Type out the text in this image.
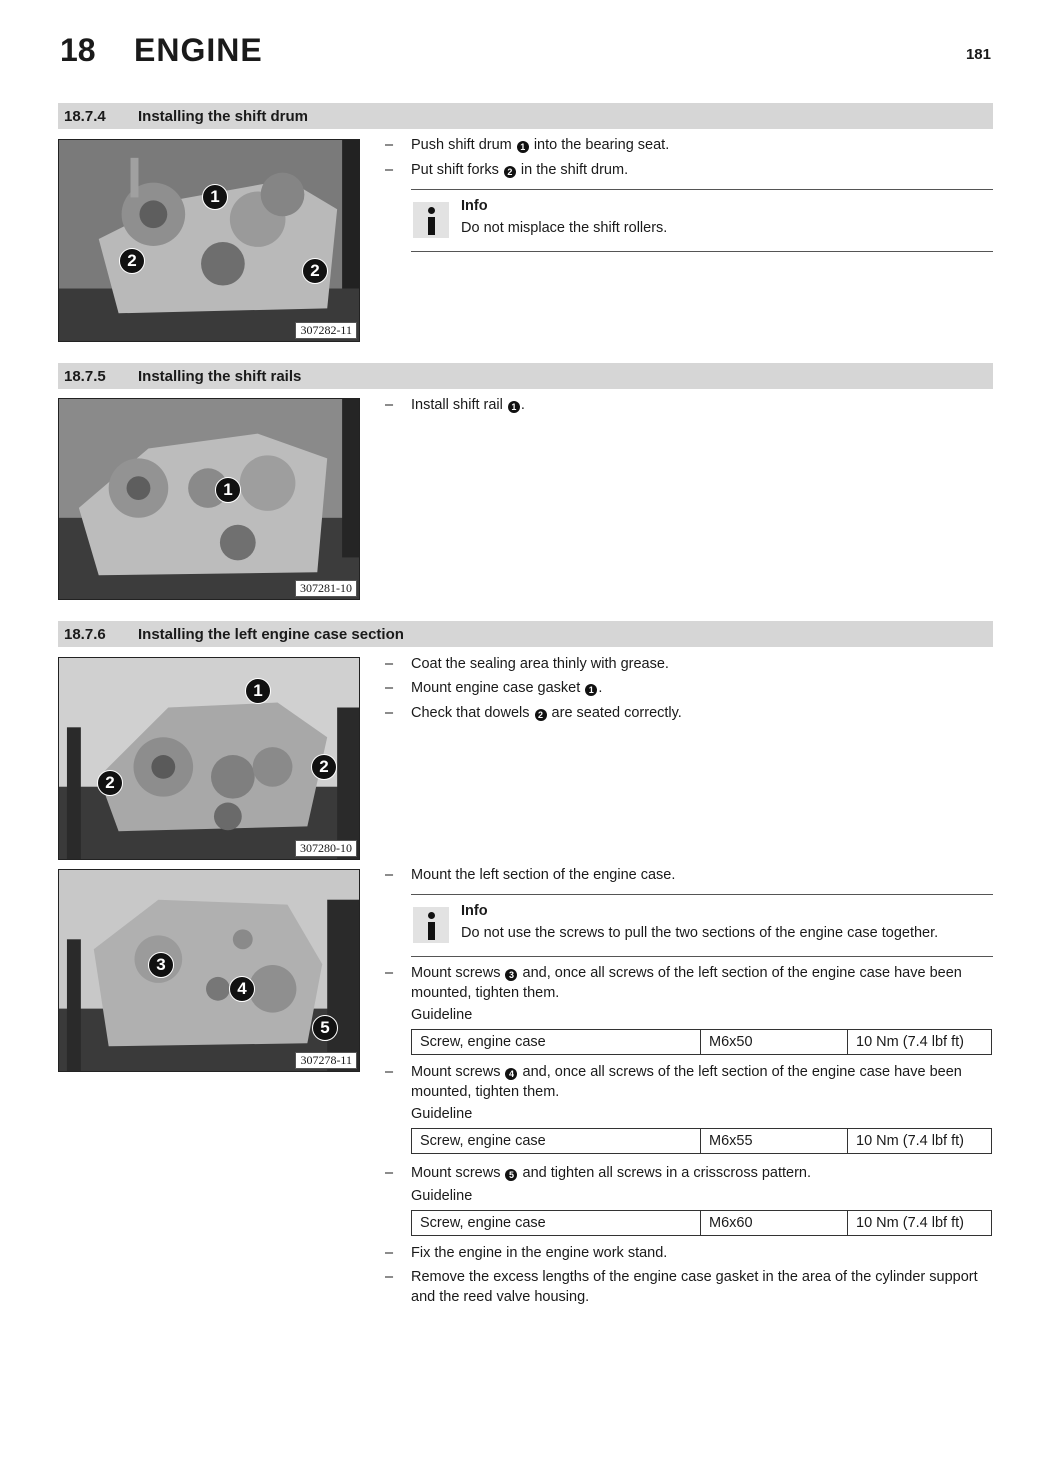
18 ENGINE	181
18.7.4 Installing the shift drum
1
2
2
307282-11
– Push shift drum 1 into the bearing seat.
– Put shift forks 2 in the shift drum.
Info
Do not misplace the shift rollers.
18.7.5 Installing the shift rails
1
307281-10
– Install shift rail 1 .
18.7.6 Installing the left engine case section
1
2
2
307280-10
3
4
5
307278-11
– Coat the sealing area thinly with grease.
– Mount engine case gasket 1 .
– Check that dowels 2 are seated correctly.
– Mount the left section of the engine case.
Info
Do not use the screws to pull the two sections of the engine case together.
– Mount screws 3 and, once all screws of the left section of the engine case have been mounted, tighten them.
Guideline
Screw, engine case	M6x50	10 Nm (7.4 lbf ft)
– Mount screws 4 and, once all screws of the left section of the engine case have been mounted, tighten them.
Guideline
Screw, engine case	M6x55	10 Nm (7.4 lbf ft)
– Mount screws 5 and tighten all screws in a crisscross pattern.
Guideline
Screw, engine case	M6x60	10 Nm (7.4 lbf ft)
– Fix the engine in the engine work stand.
– Remove the excess lengths of the engine case gasket in the area of the cylinder support and the reed valve housing.
